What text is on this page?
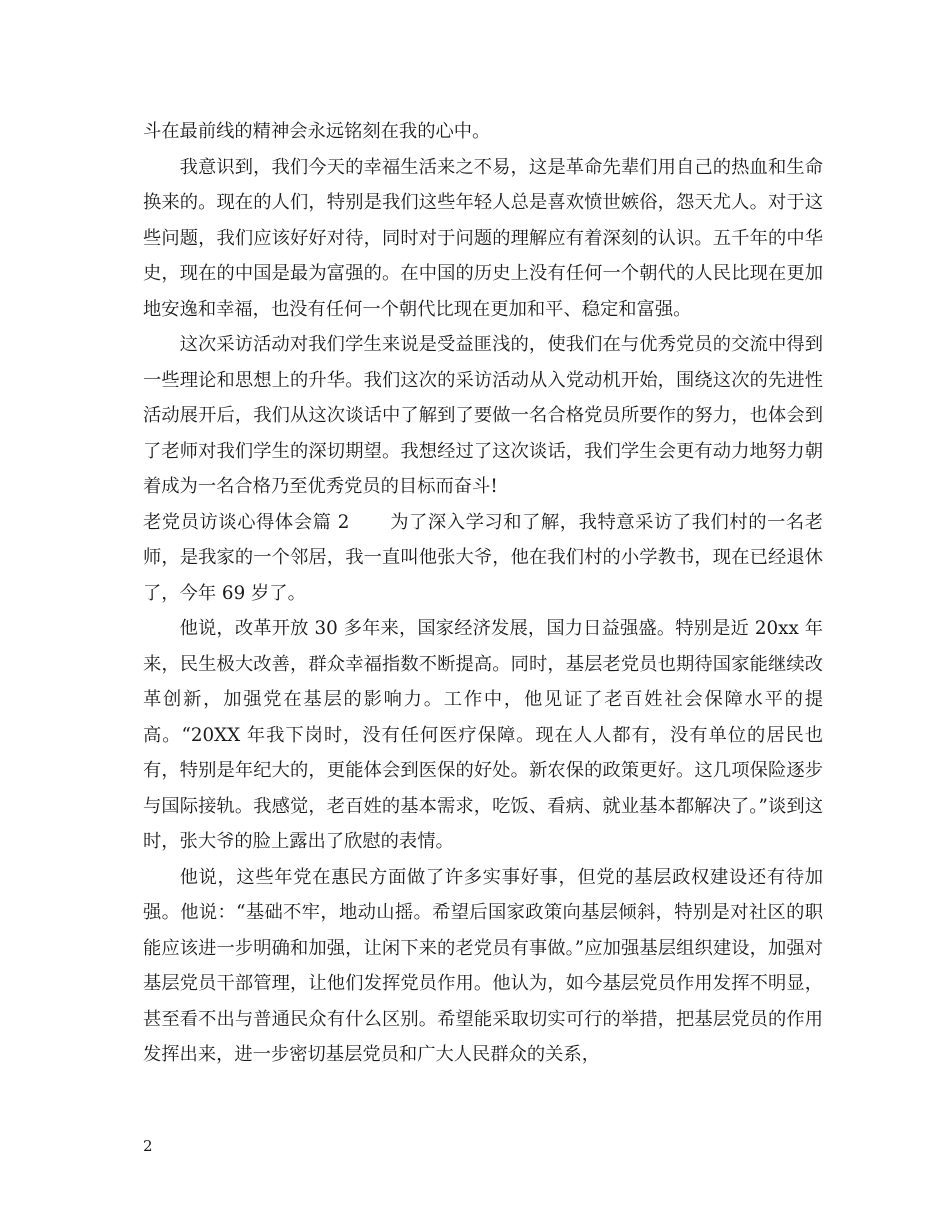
斗在最前线的精神会永远铭刻在我的心中。

我意识到，我们今天的幸福生活来之不易，这是革命先辈们用自己的热血和生命换来的。现在的人们，特别是我们这些年轻人总是喜欢愤世嫉俗，怨天尤人。对于这些问题，我们应该好好对待，同时对于问题的理解应有着深刻的认识。五千年的中华史，现在的中国是最为富强的。在中国的历史上没有任何一个朝代的人民比现在更加地安逸和幸福，也没有任何一个朝代比现在更加和平、稳定和富强。

这次采访活动对我们学生来说是受益匪浅的，使我们在与优秀党员的交流中得到一些理论和思想上的升华。我们这次的采访活动从入党动机开始，围绕这次的先进性活动展开后，我们从这次谈话中了解到了要做一名合格党员所要作的努力，也体会到了老师对我们学生的深切期望。我想经过了这次谈话，我们学生会更有动力地努力朝着成为一名合格乃至优秀党员的目标而奋斗!

老党员访谈心得体会篇 2 为了深入学习和了解，我特意采访了我们村的一名老师，是我家的一个邻居，我一直叫他张大爷，他在我们村的小学教书，现在已经退休了，今年 69 岁了。

他说，改革开放 30 多年来，国家经济发展，国力日益强盛。特别是近 20xx 年来，民生极大改善，群众幸福指数不断提高。同时，基层老党员也期待国家能继续改革创新，加强党在基层的影响力。工作中，他见证了老百姓社会保障水平的提高。“20XX 年我下岗时，没有任何医疗保障。现在人人都有，没有单位的居民也有，特别是年纪大的，更能体会到医保的好处。新农保的政策更好。这几项保险逐步与国际接轨。我感觉，老百姓的基本需求，吃饭、看病、就业基本都解决了。”谈到这时，张大爷的脸上露出了欣慰的表情。

他说，这些年党在惠民方面做了许多实事好事，但党的基层政权建设还有待加强。他说：“基础不牢，地动山摇。希望后国家政策向基层倾斜，特别是对社区的职能应该进一步明确和加强，让闲下来的老党员有事做。”应加强基层组织建设，加强对基层党员干部管理，让他们发挥党员作用。他认为，如今基层党员作用发挥不明显，甚至看不出与普通民众有什么区别。希望能采取切实可行的举措，把基层党员的作用发挥出来，进一步密切基层党员和广大人民群众的关系，

2
